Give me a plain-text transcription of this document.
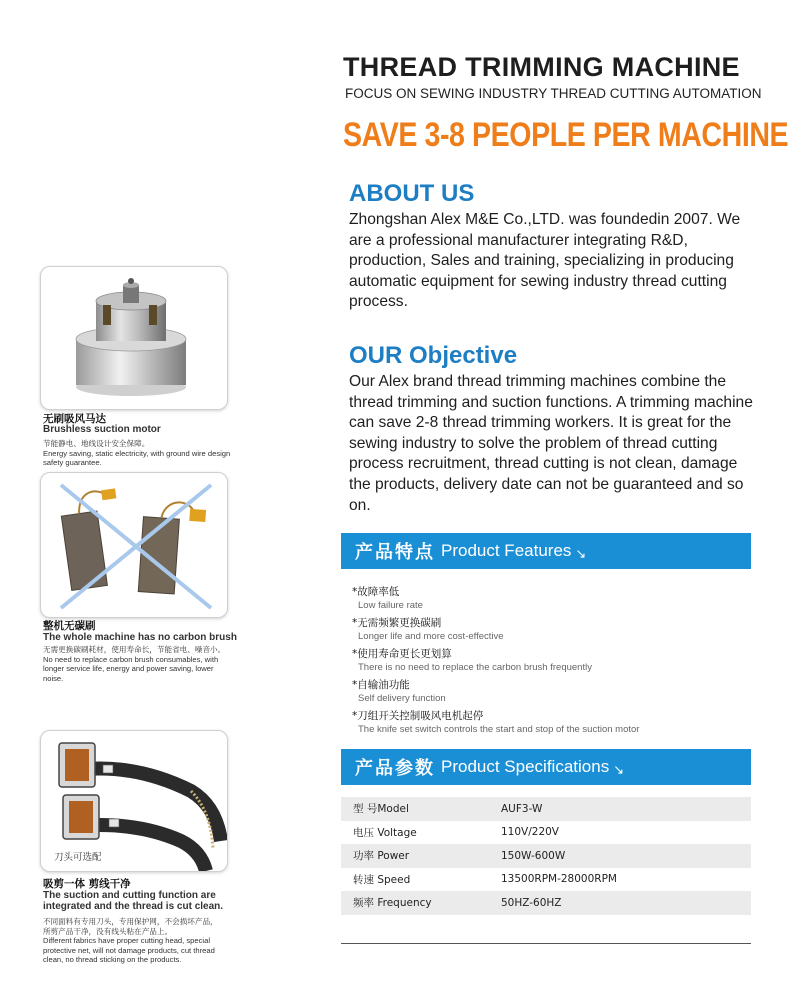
THREAD TRIMMING MACHINE
FOCUS ON SEWING INDUSTRY THREAD CUTTING AUTOMATION
SAVE 3-8 PEOPLE PER MACHINE
ABOUT US
Zhongshan Alex M&E Co.,LTD. was foundedin 2007. We are a professional manufacturer integrating R&D, production, Sales and training, specializing in producing automatic equipment for sewing industry thread cutting process.
OUR Objective
Our Alex brand thread trimming machines combine the thread trimming and suction functions. A trimming machine can save 2-8 thread trimming workers. It is great for the sewing industry to solve the problem of thread cutting process recruitment, thread cutting is not clean, damage the products, delivery date can not be guaranteed and so on.
产品特点 Product Features ↘
*故障率低
Low failure rate
*无需频繁更换碳刷
Longer life and more cost-effective
*使用寿命更长更划算
There is no need to replace the carbon brush frequently
*自输油功能
Self delivery function
*刀组开关控制吸风电机起停
The knife set switch controls the start and stop of the suction motor
产品参数 Product Specifications ↘
型 号Model	AUF3-W
电压 Voltage	110V/220V
功率 Power	150W-600W
转速 Speed	13500RPM-28000RPM
频率 Frequency	50HZ-60HZ
无刷吸风马达
Brushless suction motor
节能静电、地线设计安全保障。
Energy saving, static electricity, with ground wire design safety guarantee.
整机无碳刷
The whole machine has no carbon brush
无需更换碳刷耗材，使用寿命长，节能省电、噪音小。
No need to replace carbon brush consumables, with longer service life, energy and power saving, lower noise.
刀头可选配
吸剪一体 剪线干净
The suction and cutting function are
integrated and the thread is cut clean.
不同面料有专用刀头，专用保护网，不会损坏产品，
所剪产品干净，没有线头粘在产品上。
Different fabrics have proper cutting head, special protective net, will not damage products, cut thread clean, no thread sticking on the products.
